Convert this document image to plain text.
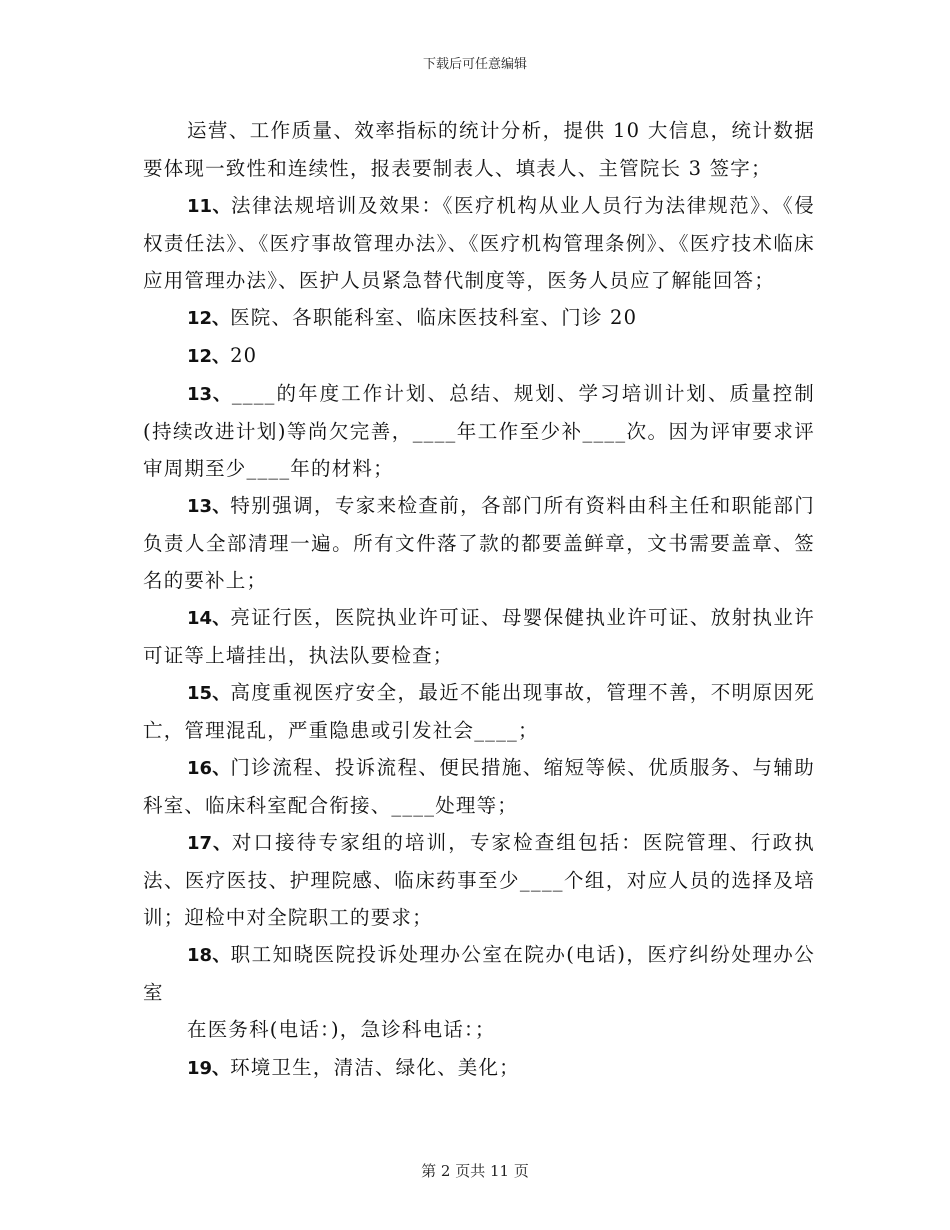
下载后可任意编辑

运营、工作质量、效率指标的统计分析，提供 10 大信息，统计数据要体现一致性和连续性，报表要制表人、填表人、主管院长 3 签字；

11、法律法规培训及效果：《医疗机构从业人员行为法律规范》、《侵权责任法》、《医疗事故管理办法》、《医疗机构管理条例》、《医疗技术临床应用管理办法》、医护人员紧急替代制度等，医务人员应了解能回答；

12、医院、各职能科室、临床医技科室、门诊 20

12、20

13、____的年度工作计划、总结、规划、学习培训计划、质量控制(持续改进计划)等尚欠完善，____年工作至少补____次。因为评审要求评审周期至少____年的材料；

13、特别强调，专家来检查前，各部门所有资料由科主任和职能部门负责人全部清理一遍。所有文件落了款的都要盖鲜章，文书需要盖章、签名的要补上；

14、亮证行医，医院执业许可证、母婴保健执业许可证、放射执业许可证等上墙挂出，执法队要检查；

15、高度重视医疗安全，最近不能出现事故，管理不善，不明原因死亡，管理混乱，严重隐患或引发社会____；

16、门诊流程、投诉流程、便民措施、缩短等候、优质服务、与辅助科室、临床科室配合衔接、____处理等；

17、对口接待专家组的培训，专家检查组包括：医院管理、行政执法、医疗医技、护理院感、临床药事至少____个组，对应人员的选择及培训；迎检中对全院职工的要求；

18、职工知晓医院投诉处理办公室在院办(电话)，医疗纠纷处理办公室

在医务科(电话：)，急诊科电话：；

19、环境卫生，清洁、绿化、美化；

第 2 页共 11 页
